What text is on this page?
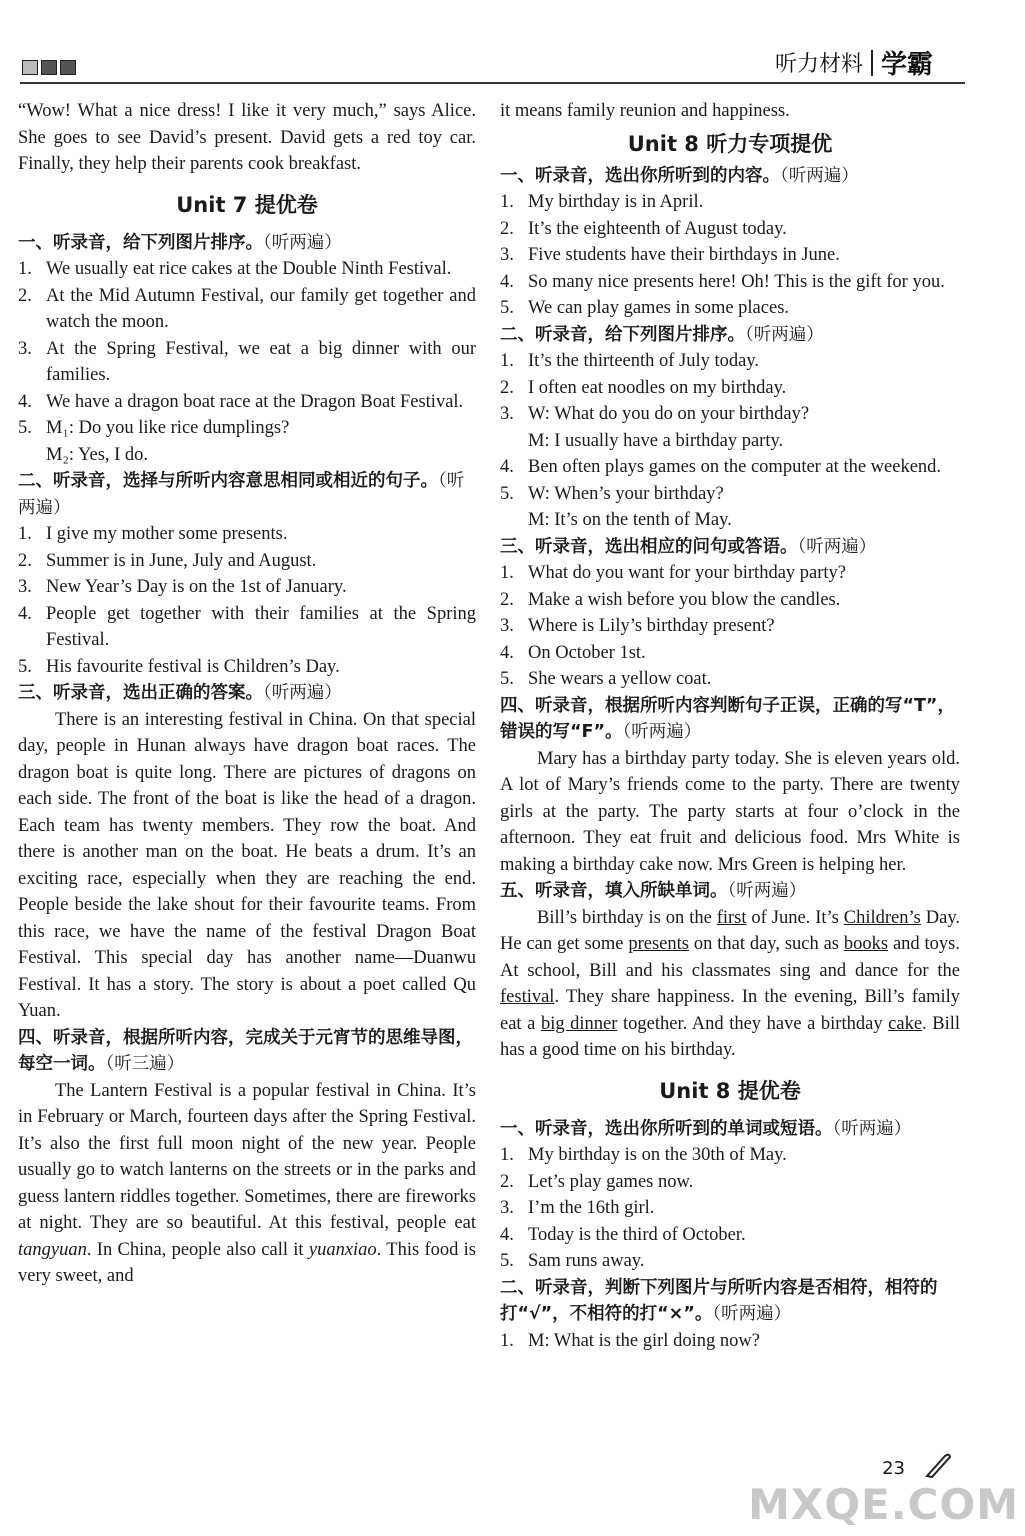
听力材料 学霸

“Wow! What a nice dress! I like it very much,” says Alice. She goes to see David’s present. David gets a red toy car. Finally, they help their parents cook breakfast.

Unit 7 提优卷
一、听录音，给下列图片排序。（听两遍）
1. We usually eat rice cakes at the Double Ninth Festival.
2. At the Mid Autumn Festival, our family get together and watch the moon.
3. At the Spring Festival, we eat a big dinner with our families.
4. We have a dragon boat race at the Dragon Boat Festival.
5. M₁: Do you like rice dumplings?
M₂: Yes, I do.
二、听录音，选择与所听内容意思相同或相近的句子。（听两遍）
1. I give my mother some presents.
2. Summer is in June, July and August.
3. New Year’s Day is on the 1st of January.
4. People get together with their families at the Spring Festival.
5. His favourite festival is Children’s Day.
三、听录音，选出正确的答案。（听两遍）

There is an interesting festival in China. On that special day, people in Hunan always have dragon boat races. The dragon boat is quite long. There are pictures of dragons on each side. The front of the boat is like the head of a dragon. Each team has twenty members. They row the boat. And there is another man on the boat. He beats a drum. It’s an exciting race, especially when they are reaching the end. People beside the lake shout for their favourite teams. From this race, we have the name of the festival Dragon Boat Festival. This special day has another name—Duanwu Festival. It has a story. The story is about a poet called Qu Yuan.

四、听录音，根据所听内容，完成关于元宵节的思维导图，每空一词。（听三遍）

The Lantern Festival is a popular festival in China. It’s in February or March, fourteen days after the Spring Festival. It’s also the first full moon night of the new year. People usually go to watch lanterns on the streets or in the parks and guess lantern riddles together. Sometimes, there are fireworks at night. They are so beautiful. At this festival, people eat tangyuan. In China, people also call it yuanxiao. This food is very sweet, and

it means family reunion and happiness.

Unit 8 听力专项提优
一、听录音，选出你所听到的内容。（听两遍）
1. My birthday is in April.
2. It’s the eighteenth of August today.
3. Five students have their birthdays in June.
4. So many nice presents here! Oh! This is the gift for you.
5. We can play games in some places.
二、听录音，给下列图片排序。（听两遍）
1. It’s the thirteenth of July today.
2. I often eat noodles on my birthday.
3. W: What do you do on your birthday?
M: I usually have a birthday party.
4. Ben often plays games on the computer at the weekend.
5. W: When’s your birthday?
M: It’s on the tenth of May.
三、听录音，选出相应的问句或答语。（听两遍）
1. What do you want for your birthday party?
2. Make a wish before you blow the candles.
3. Where is Lily’s birthday present?
4. On October 1st.
5. She wears a yellow coat.
四、听录音，根据所听内容判断句子正误，正确的写“T”，错误的写“F”。（听两遍）

Mary has a birthday party today. She is eleven years old. A lot of Mary’s friends come to the party. There are twenty girls at the party. The party starts at four o’clock in the afternoon. They eat fruit and delicious food. Mrs White is making a birthday cake now. Mrs Green is helping her.

五、听录音，填入所缺单词。（听两遍）

Bill’s birthday is on the first of June. It’s Children’s Day. He can get some presents on that day, such as books and toys. At school, Bill and his classmates sing and dance for the festival. They share happiness. In the evening, Bill’s family eat a big dinner together. And they have a birthday cake. Bill has a good time on his birthday.

Unit 8 提优卷
一、听录音，选出你所听到的单词或短语。（听两遍）
1. My birthday is on the 30th of May.
2. Let’s play games now.
3. I’m the 16th girl.
4. Today is the third of October.
5. Sam runs away.
二、听录音，判断下列图片与所听内容是否相符，相符的打“√”，不相符的打“×”。（听两遍）
1. M: What is the girl doing now?
23
MXQE.COM
